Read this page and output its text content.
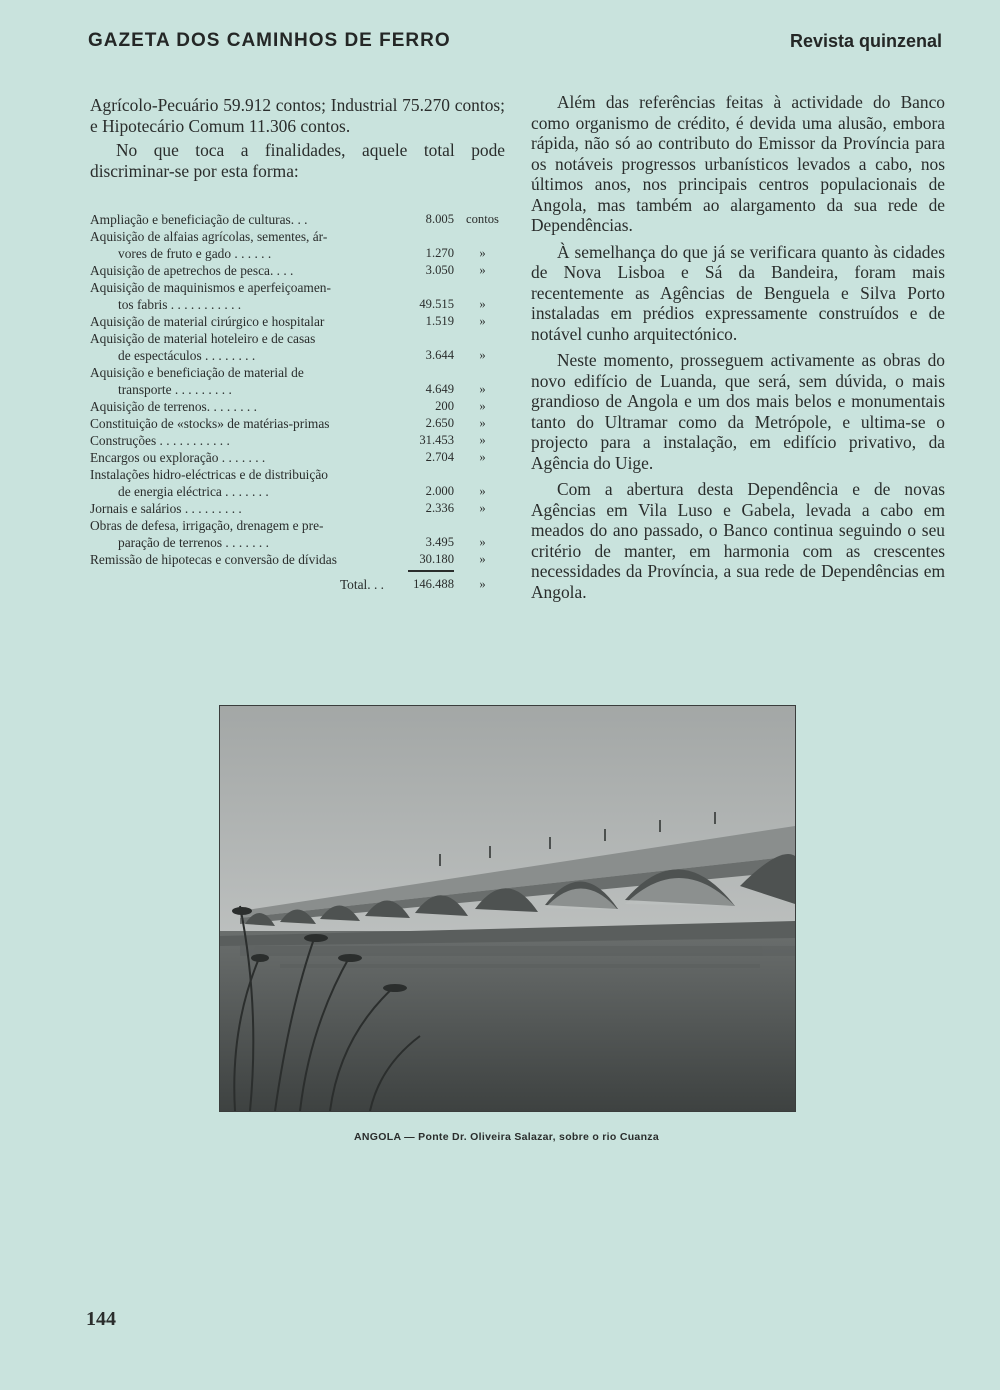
GAZETA DOS CAMINHOS DE FERRO	Revista quinzenal

Agrícolo-Pecuário 59.912 contos; Industrial 75.270 contos; e Hipotecário Comum 11.306 contos.

No que toca a finalidades, aquele total pode discriminar-se por esta forma:

Ampliação e beneficiação de culturas. . .	8.005 contos
Aquisição de alfaias agrícolas, sementes, ár-
vores de fruto e gado . . . . . .	1.270	»
Aquisição de apetrechos de pesca. . . .	3.050	»
Aquisição de maquinismos e aperfeiçoamen-
tos fabris . . . . . . . . . . .	49.515	»
Aquisição de material cirúrgico e hospitalar	1.519	»
Aquisição de material hoteleiro e de casas
de espectáculos . . . . . . . .	3.644	»
Aquisição e beneficiação de material de
transporte . . . . . . . . .	4.649	»
Aquisição de terrenos. . . . . . . .	200	»
Constituição de «stocks» de matérias-primas	2.650	»
Construções . . . . . . . . . . .	31.453	»
Encargos ou exploração . . . . . . .	2.704	»
Instalações hidro-eléctricas e de distribuição
de energia eléctrica . . . . . . .	2.000	»
Jornais e salários . . . . . . . . .	2.336	»
Obras de defesa, irrigação, drenagem e pre-
paração de terrenos . . . . . . .	3.495	»
Remissão de hipotecas e conversão de dívidas	30.180	»
Total. . .	146.488	»

Além das referências feitas à actividade do Banco como organismo de crédito, é devida uma alusão, embora rápida, não só ao contributo do Emissor da Província para os notáveis progressos urbanísticos levados a cabo, nos últimos anos, nos principais centros populacionais de Angola, mas também ao alargamento da sua rede de Dependências.

À semelhança do que já se verificara quanto às cidades de Nova Lisboa e Sá da Bandeira, foram mais recentemente as Agências de Benguela e Silva Porto instaladas em prédios expressamente construídos e de notável cunho arquitectónico.

Neste momento, prosseguem activamente as obras do novo edifício de Luanda, que será, sem dúvida, o mais grandioso de Angola e um dos mais belos e monumentais tanto do Ultramar como da Metrópole, e ultima-se o projecto para a instalação, em edifício privativo, da Agência do Uige.

Com a abertura desta Dependência e de novas Agências em Vila Luso e Gabela, levada a cabo em meados do ano passado, o Banco continua seguindo o seu critério de manter, em harmonia com as crescentes necessidades da Província, a sua rede de Dependências em Angola.

ANGOLA — Ponte Dr. Oliveira Salazar, sobre o rio Cuanza
144
